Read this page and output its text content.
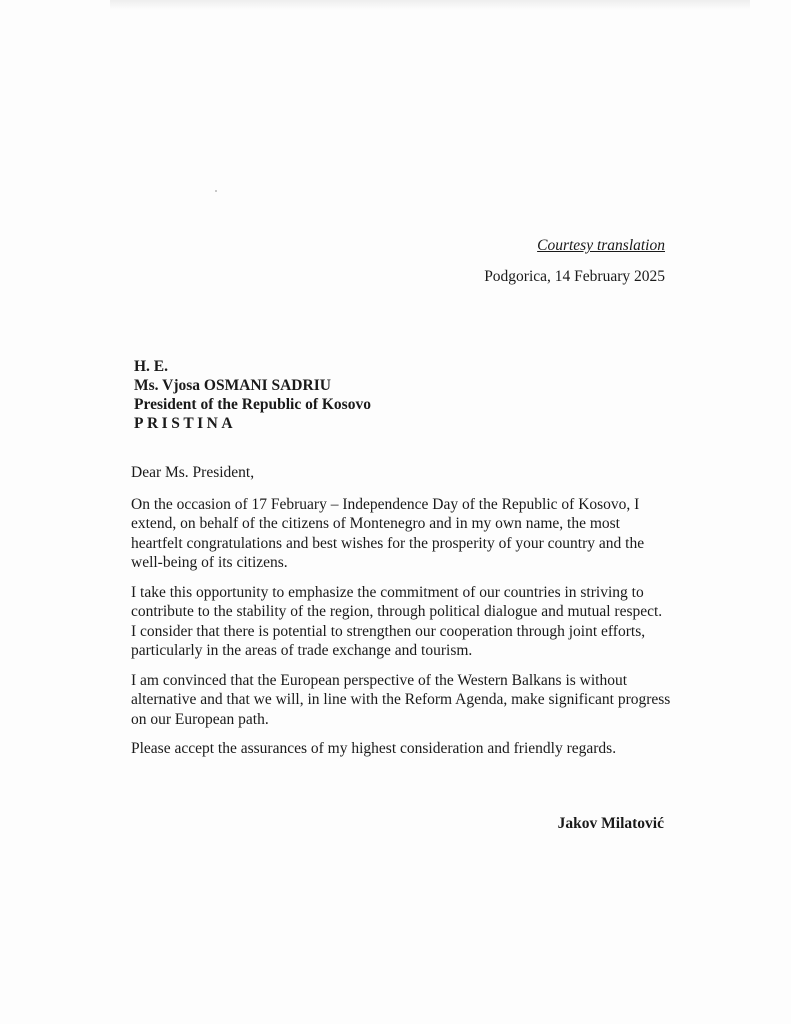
Courtesy translation
Podgorica, 14 February 2025
H. E.
Ms. Vjosa OSMANI SADRIU
President of the Republic of Kosovo
PRISTINA

Dear Ms. President,

On the occasion of 17 February – Independence Day of the Republic of Kosovo, I extend, on behalf of the citizens of Montenegro and in my own name, the most heartfelt congratulations and best wishes for the prosperity of your country and the well-being of its citizens.

I take this opportunity to emphasize the commitment of our countries in striving to contribute to the stability of the region, through political dialogue and mutual respect. I consider that there is potential to strengthen our cooperation through joint efforts, particularly in the areas of trade exchange and tourism.

I am convinced that the European perspective of the Western Balkans is without alternative and that we will, in line with the Reform Agenda, make significant progress on our European path.

Please accept the assurances of my highest consideration and friendly regards.

Jakov Milatović
